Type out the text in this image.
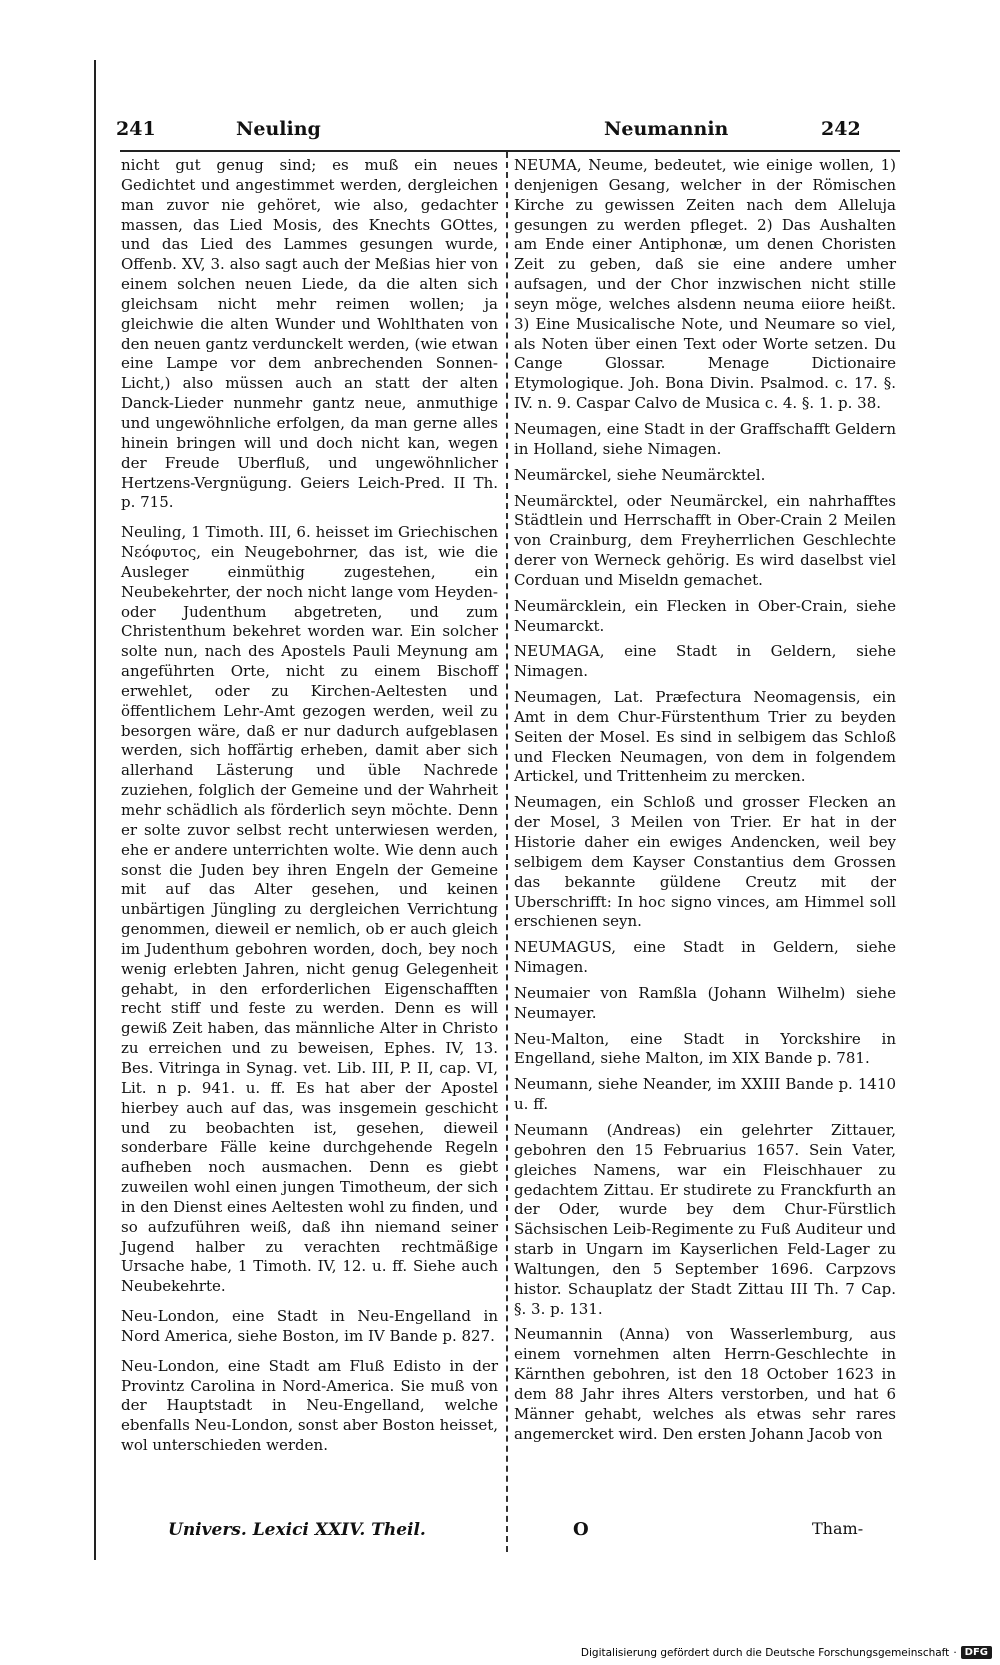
241	Neuling	Neumannin	242

nicht gut genug sind; es muß ein neues Gedichtet und angestimmet werden, dergleichen man zuvor nie gehöret, wie also, gedachter massen, das Lied Mosis, des Knechts GOttes, und das Lied des Lammes gesungen wurde, Offenb. XV, 3. also sagt auch der Meßias hier von einem solchen neuen Liede, da die alten sich gleichsam nicht mehr reimen wollen; ja gleichwie die alten Wunder und Wohlthaten von den neuen gantz verdunckelt werden, (wie etwan eine Lampe vor dem anbrechenden Sonnen-Licht,) also müssen auch an statt der alten Danck-Lieder nunmehr gantz neue, anmuthige und ungewöhnliche erfolgen, da man gerne alles hinein bringen will und doch nicht kan, wegen der Freude Uberfluß, und ungewöhnlicher Hertzens-Vergnügung. Geiers Leich-Pred. II Th. p. 715.

Neuling, 1 Timoth. III, 6. heisset im Griechischen Νεόφυτος, ein Neugebohrner, das ist, wie die Ausleger einmüthig zugestehen, ein Neubekehrter, der noch nicht lange vom Heyden- oder Judenthum abgetreten, und zum Christenthum bekehret worden war. Ein solcher solte nun, nach des Apostels Pauli Meynung am angeführten Orte, nicht zu einem Bischoff erwehlet, oder zu Kirchen-Aeltesten und öffentlichem Lehr-Amt gezogen werden, weil zu besorgen wäre, daß er nur dadurch aufgeblasen werden, sich hoffärtig erheben, damit aber sich allerhand Lästerung und üble Nachrede zuziehen, folglich der Gemeine und der Wahrheit mehr schädlich als förderlich seyn möchte. Denn er solte zuvor selbst recht unterwiesen werden, ehe er andere unterrichten wolte. Wie denn auch sonst die Juden bey ihren Engeln der Gemeine mit auf das Alter gesehen, und keinen unbärtigen Jüngling zu dergleichen Verrichtung genommen, dieweil er nemlich, ob er auch gleich im Judenthum gebohren worden, doch, bey noch wenig erlebten Jahren, nicht genug Gelegenheit gehabt, in den erforderlichen Eigenschafften recht stiff und feste zu werden. Denn es will gewiß Zeit haben, das männliche Alter in Christo zu erreichen und zu beweisen, Ephes. IV, 13. Bes. Vitringa in Synag. vet. Lib. III, P. II, cap. VI, Lit. n p. 941. u. ff. Es hat aber der Apostel hierbey auch auf das, was insgemein geschicht und zu beobachten ist, gesehen, dieweil sonderbare Fälle keine durchgehende Regeln aufheben noch ausmachen. Denn es giebt zuweilen wohl einen jungen Timotheum, der sich in den Dienst eines Aeltesten wohl zu finden, und so aufzuführen weiß, daß ihn niemand seiner Jugend halber zu verachten rechtmäßige Ursache habe, 1 Timoth. IV, 12. u. ff. Siehe auch Neubekehrte.

Neu-London, eine Stadt in Neu-Engelland in Nord America, siehe Boston, im IV Bande p. 827.

Neu-London, eine Stadt am Fluß Edisto in der Provintz Carolina in Nord-America. Sie muß von der Hauptstadt in Neu-Engelland, welche ebenfalls Neu-London, sonst aber Boston heisset, wol unterschieden werden.

NEUMA, Neume, bedeutet, wie einige wollen, 1) denjenigen Gesang, welcher in der Römischen Kirche zu gewissen Zeiten nach dem Alleluja gesungen zu werden pfleget. 2) Das Aushalten am Ende einer Antiphonæ, um denen Choristen Zeit zu geben, daß sie eine andere umher aufsagen, und der Chor inzwischen nicht stille seyn möge, welches alsdenn neuma eiiore heißt. 3) Eine Musicalische Note, und Neumare so viel, als Noten über einen Text oder Worte setzen. Du Cange Glossar. Menage Dictionaire Etymologique. Joh. Bona Divin. Psalmod. c. 17. §. IV. n. 9. Caspar Calvo de Musica c. 4. §. 1. p. 38.

Neumagen, eine Stadt in der Graffschafft Geldern in Holland, siehe Nimagen.

Neumärckel, siehe Neumärcktel.

Neumärcktel, oder Neumärckel, ein nahrhafftes Städtlein und Herrschafft in Ober-Crain 2 Meilen von Crainburg, dem Freyherrlichen Geschlechte derer von Werneck gehörig. Es wird daselbst viel Corduan und Miseldn gemachet.

Neumärcklein, ein Flecken in Ober-Crain, siehe Neumarckt.

NEUMAGA, eine Stadt in Geldern, siehe Nimagen.

Neumagen, Lat. Præfectura Neomagensis, ein Amt in dem Chur-Fürstenthum Trier zu beyden Seiten der Mosel. Es sind in selbigem das Schloß und Flecken Neumagen, von dem in folgendem Artickel, und Trittenheim zu mercken.

Neumagen, ein Schloß und grosser Flecken an der Mosel, 3 Meilen von Trier. Er hat in der Historie daher ein ewiges Andencken, weil bey selbigem dem Kayser Constantius dem Grossen das bekannte güldene Creutz mit der Uberschrifft: In hoc signo vinces, am Himmel soll erschienen seyn.

NEUMAGUS, eine Stadt in Geldern, siehe Nimagen.

Neumaier von Ramßla (Johann Wilhelm) siehe Neumayer.

Neu-Malton, eine Stadt in Yorckshire in Engelland, siehe Malton, im XIX Bande p. 781.

Neumann, siehe Neander, im XXIII Bande p. 1410 u. ff.

Neumann (Andreas) ein gelehrter Zittauer, gebohren den 15 Februarius 1657. Sein Vater, gleiches Namens, war ein Fleischhauer zu gedachtem Zittau. Er studirete zu Franckfurth an der Oder, wurde bey dem Chur-Fürstlich Sächsischen Leib-Regimente zu Fuß Auditeur und starb in Ungarn im Kayserlichen Feld-Lager zu Waltungen, den 5 September 1696. Carpzovs histor. Schauplatz der Stadt Zittau III Th. 7 Cap. §. 3. p. 131.

Neumannin (Anna) von Wasserlemburg, aus einem vornehmen alten Herrn-Geschlechte in Kärnthen gebohren, ist den 18 October 1623 in dem 88 Jahr ihres Alters verstorben, und hat 6 Männer gehabt, welches als etwas sehr rares angemercket wird. Den ersten Johann Jacob von

Univers. Lexici XXIV. Theil.	O	Tham-
Digitalisierung gefördert durch die Deutsche Forschungsgemeinschaft · DFG
